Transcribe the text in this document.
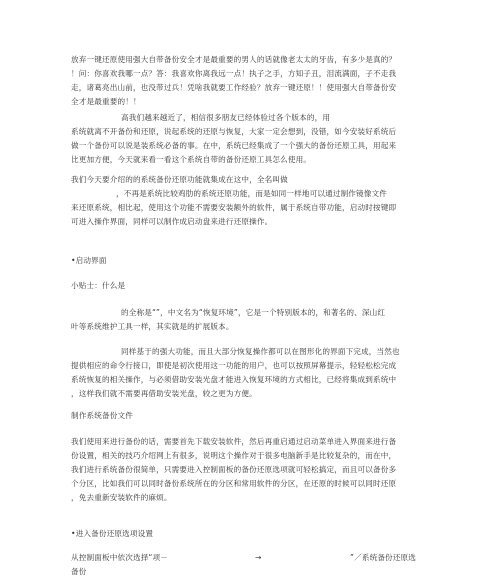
放弃一键还原使用强大自带备份安全才是最重要的男人的话就像老太太的牙齿，有多少是真的？
！问：你喜欢我哪一点？答：我喜欢你离我远一点！执子之手，方知子丑，泪流满面，子不走我
走，诸葛亮出山前，也没带过兵！凭啥我就要工作经验？放弃一键还原！！使用强大自带备份安
全才是最重要的！！
高我们越来越近了，相信很多朋友已经体验过各个版本的，用
系统就离不开备份和还原，说起系统的还原与恢复，大家一定会想到，没错，如今安装好系统后
做一个备份可以说是装系统必备的事。在中，系统已经集成了一个强大的备份还原工具，用起来
比更加方便，今天就来看一看这个系统自带的备份还原工具怎么使用。
我们今天要介绍的的系统备份还原功能就集成在这中，全名叫做
，不再是系统比较鸡肋的系统还原功能，而是如同一样地可以通过制作镜像文件
来还原系统，相比起，使用这个功能不需要安装额外的软件，属于系统自带功能，启动时按键即
可进入操作界面，同样可以制作成启动盘来进行还原操作。
•启动界面
小贴士：什么是
的全称是“”，中文名为“恢复环境”，它是一个特别版本的，和著名的、深山红
叶等系统维护工具一样，其实就是的扩展版本。
同样基于的强大功能，而且大部分恢复操作都可以在图形化的界面下完成，当然也
提供相应的命令行接口，即使是初次使用这一功能的用户，也可以按照屏幕提示，轻轻松松完成
系统恢复的相关操作，与必须借助安装光盘才能进入恢复环境的方式相比，已经将集成到系统中
，这样我们就不需要再借助安装光盘，较之更为方便。
制作系统备份文件
我们使用来进行备份的话，需要首先下载安装软件，然后再重启通过启动菜单进入界面来进行备
份设置，相关的技巧介绍网上有很多，说明这个操作对于很多电脑新手是比较复杂的，而在中，
我们进行系统备份很简单，只需要进入控制面板的备份还原选项就可轻松搞定，而且可以备份多
个分区，比如我们可以同时备份系统所在的分区和常用软件的分区，在还原的时候可以同时还原
，免去重新安装软件的麻烦。
•进入备份还原选项设置
从控制面板中依次选择“项－备份
→	”／系统备份还原选
